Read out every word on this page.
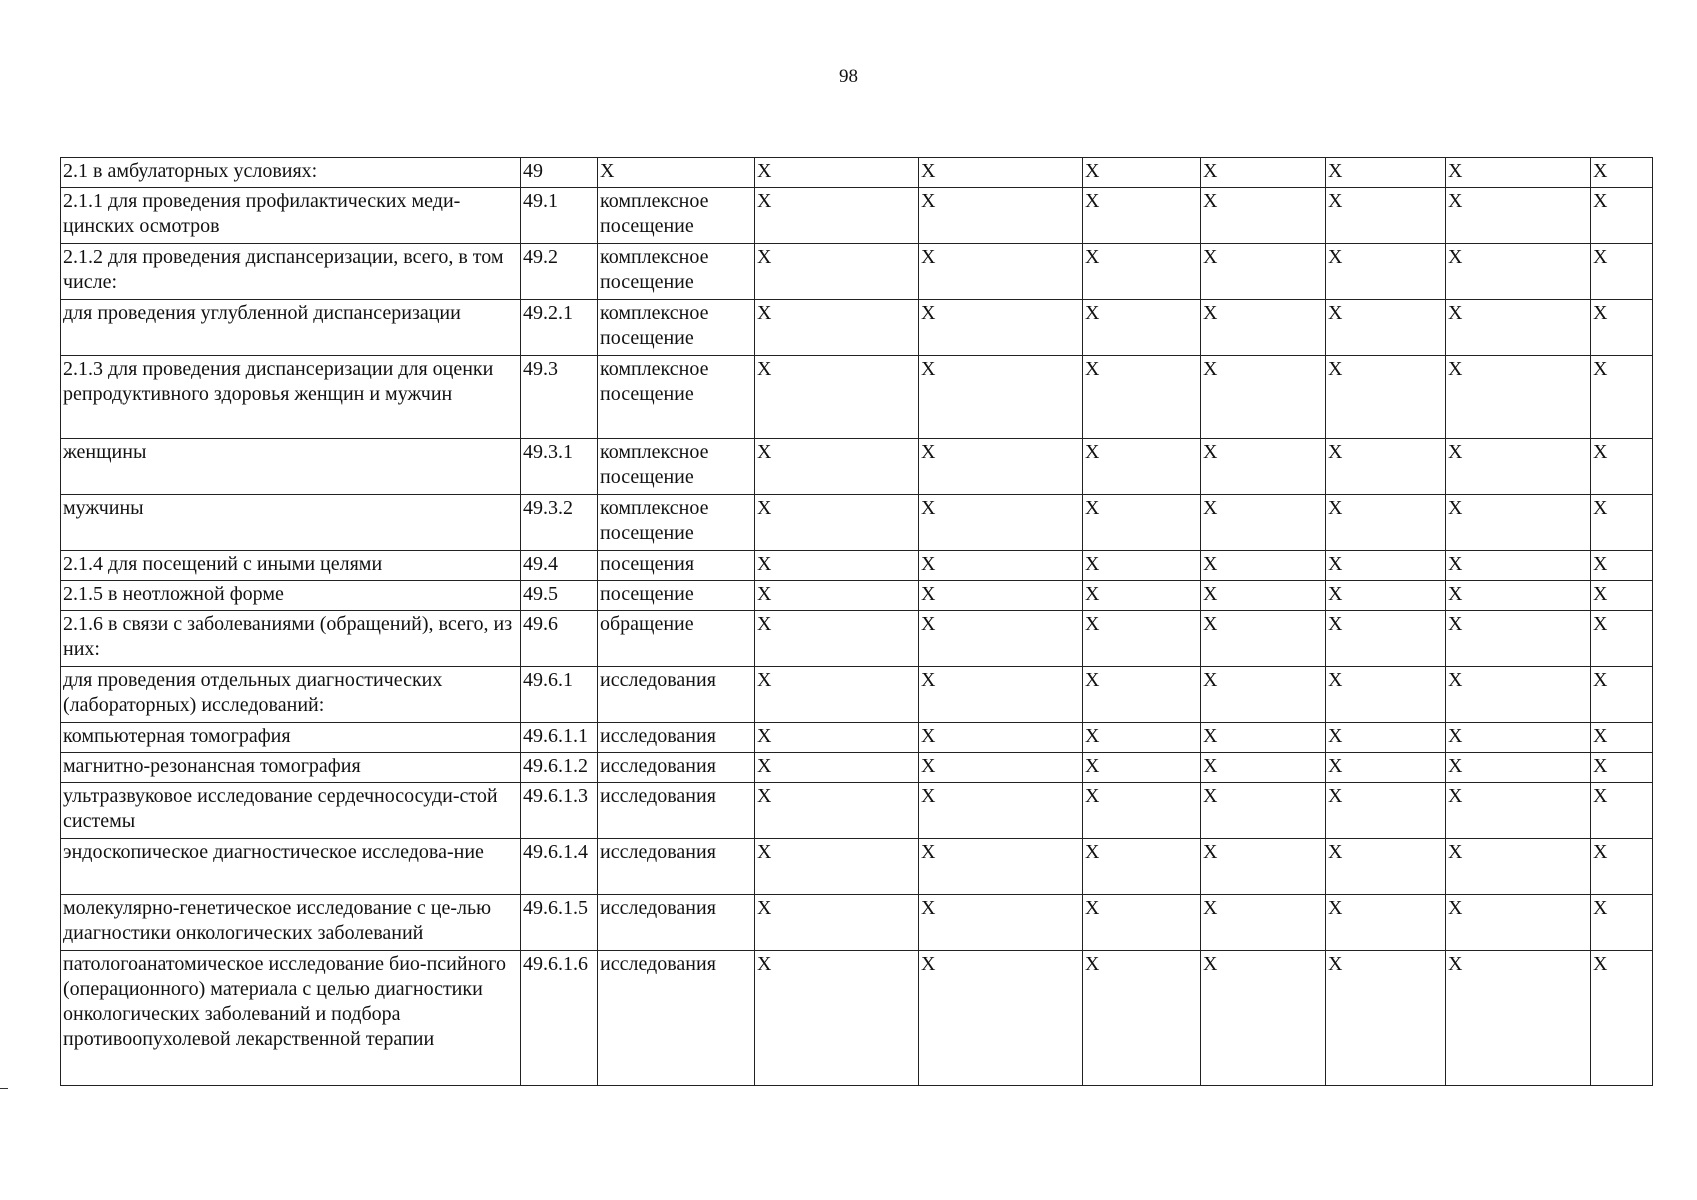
98
2.1 в амбулаторных условиях:	49	X	X	X	X	X	X	X	X
2.1.1 для проведения профилактических меди-цинских осмотров	49.1	комплексное посещение	X	X	X	X	X	X	X
2.1.2 для проведения диспансеризации, всего, в том числе:	49.2	комплексное посещение	X	X	X	X	X	X	X
для проведения углубленной диспансеризации	49.2.1	комплексное посещение	X	X	X	X	X	X	X
2.1.3 для проведения диспансеризации для оценки репродуктивного здоровья женщин и мужчин	49.3	комплексное посещение	X	X	X	X	X	X	X
женщины	49.3.1	комплексное посещение	X	X	X	X	X	X	X
мужчины	49.3.2	комплексное посещение	X	X	X	X	X	X	X
2.1.4 для посещений с иными целями	49.4	посещения	X	X	X	X	X	X	X
2.1.5 в неотложной форме	49.5	посещение	X	X	X	X	X	X	X
2.1.6 в связи с заболеваниями (обращений), всего, из них:	49.6	обращение	X	X	X	X	X	X	X
для проведения отдельных диагностических (лабораторных) исследований:	49.6.1	исследования	X	X	X	X	X	X	X
компьютерная томография	49.6.1.1	исследования	X	X	X	X	X	X	X
магнитно-резонансная томография	49.6.1.2	исследования	X	X	X	X	X	X	X
ультразвуковое исследование сердечнососуди-стой системы	49.6.1.3	исследования	X	X	X	X	X	X	X
эндоскопическое диагностическое исследова-ние	49.6.1.4	исследования	X	X	X	X	X	X	X
молекулярно-генетическое исследование с це-лью диагностики онкологических заболеваний	49.6.1.5	исследования	X	X	X	X	X	X	X
патологоанатомическое исследование био-псийного (операционного) материала с целью диагностики онкологических заболеваний и подбора противоопухолевой лекарственной терапии	49.6.1.6	исследования	X	X	X	X	X	X	X
